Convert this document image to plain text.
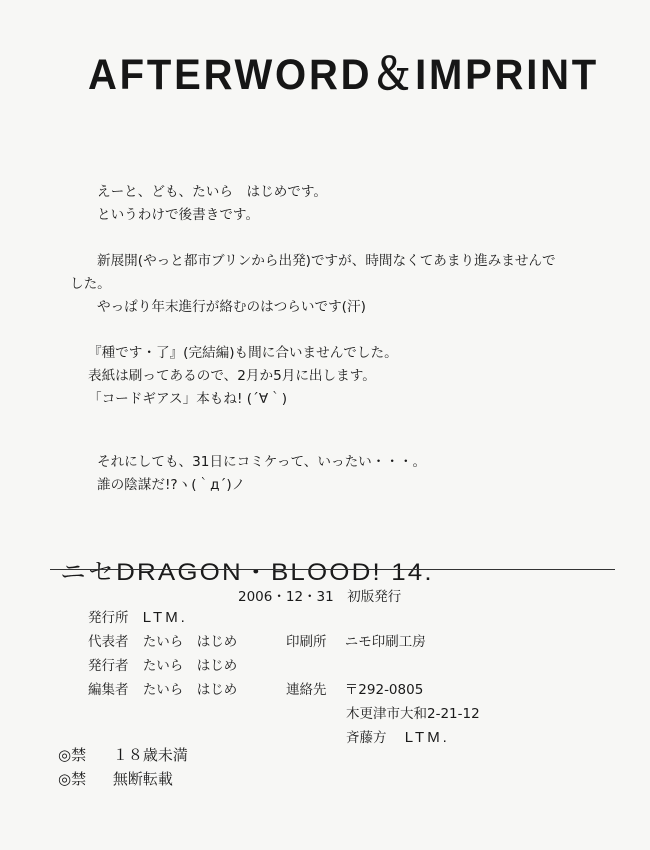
AFTERWORD＆IMPRINT
えーと、ども、たいら　はじめです。
というわけで後書きです。
新展開(やっと都市ブリンから出発)ですが、時間なくてあまり進みませんで
した。
やっぱり年末進行が絡むのはつらいです(汗)
『種です・了』(完結編)も間に合いませんでした。
表紙は刷ってあるので、2月か5月に出します。
「コードギアス」本もね! (´∀｀)
それにしても、31日にコミケって、いったい・・・。
誰の陰謀だ!?ヽ(｀д´)ノ
ニセDRAGON・BLOOD! 14.
2006・12・31　初版発行
発行所 LTM.
代表者 たいら　はじめ	印刷所 ニモ印刷工房
発行者 たいら　はじめ
編集者 たいら　はじめ	連絡先 〒292-0805
木更津市大和2-21-12
斉藤方 LTM.
◎禁 １８歳未満
◎禁 無断転載
